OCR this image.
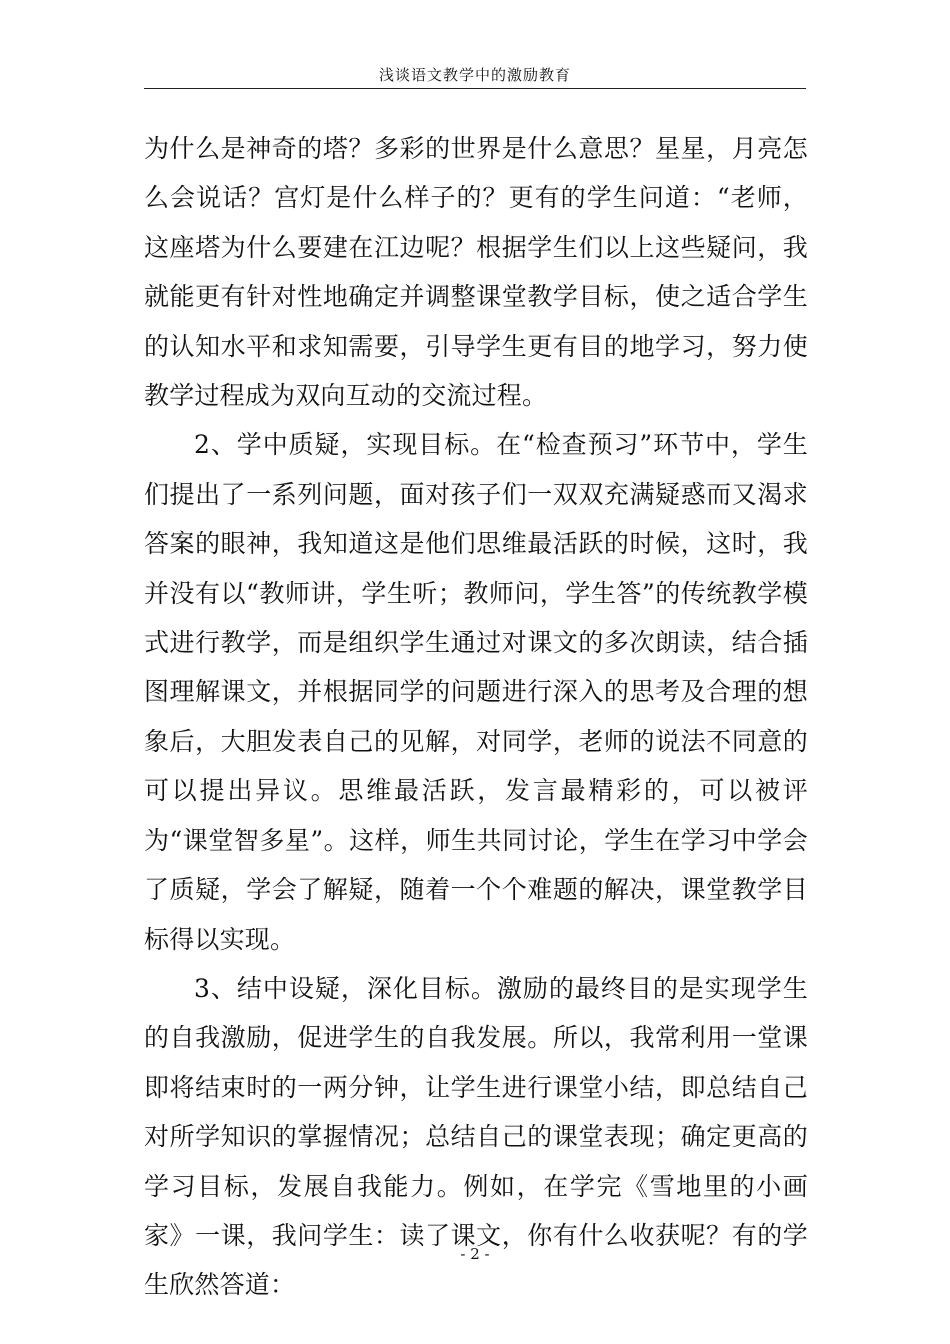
浅谈语文教学中的激励教育

为什么是神奇的塔？多彩的世界是什么意思？星星，月亮怎么会说话？宫灯是什么样子的？更有的学生问道：“老师，这座塔为什么要建在江边呢？根据学生们以上这些疑问，我就能更有针对性地确定并调整课堂教学目标，使之适合学生的认知水平和求知需要，引导学生更有目的地学习，努力使教学过程成为双向互动的交流过程。

2、学中质疑，实现目标。在“检查预习”环节中，学生们提出了一系列问题，面对孩子们一双双充满疑惑而又渴求答案的眼神，我知道这是他们思维最活跃的时候，这时，我并没有以“教师讲，学生听；教师问，学生答”的传统教学模式进行教学，而是组织学生通过对课文的多次朗读，结合插图理解课文，并根据同学的问题进行深入的思考及合理的想象后，大胆发表自己的见解，对同学，老师的说法不同意的可以提出异议。思维最活跃，发言最精彩的，可以被评为“课堂智多星”。这样，师生共同讨论，学生在学习中学会了质疑，学会了解疑，随着一个个难题的解决，课堂教学目标得以实现。

3、结中设疑，深化目标。激励的最终目的是实现学生的自我激励，促进学生的自我发展。所以，我常利用一堂课即将结束时的一两分钟，让学生进行课堂小结，即总结自己对所学知识的掌握情况；总结自己的课堂表现；确定更高的学习目标，发展自我能力。例如，在学完《雪地里的小画家》一课，我问学生：读了课文，你有什么收获呢？有的学生欣然答道：

- 2 -
